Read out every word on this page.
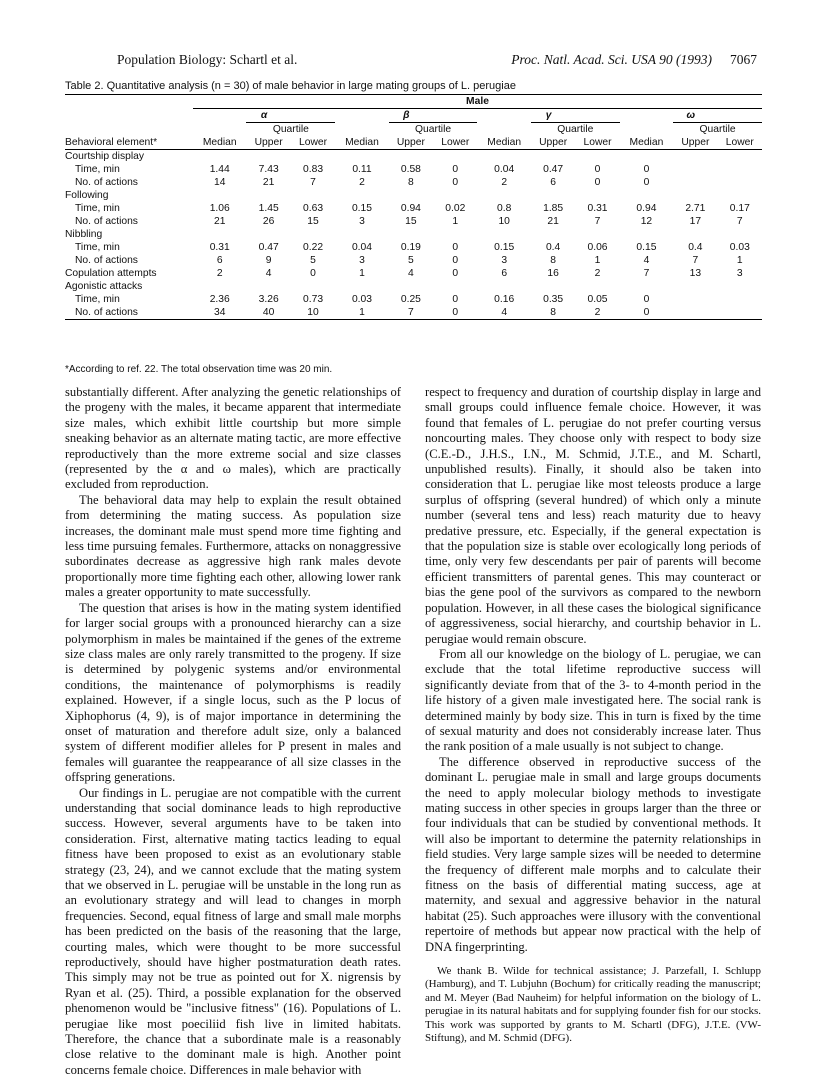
Population Biology: Schartl et al.	Proc. Natl. Acad. Sci. USA 90 (1993) 7067
Table 2. Quantitative analysis (n = 30) of male behavior in large mating groups of L. perugiae
	Male											
	α			β			γ			ω		
		Quartile			Quartile			Quartile			Quartile	
Behavioral element*	Median	Upper	Lower	Median	Upper	Lower	Median	Upper	Lower	Median	Upper	Lower
Courtship display												
Time, min	1.44	7.43	0.83	0.11	0.58	0	0.04	0.47	0	0		
No. of actions	14	21	7	2	8	0	2	6	0	0		
Following												
Time, min	1.06	1.45	0.63	0.15	0.94	0.02	0.8	1.85	0.31	0.94	2.71	0.17
No. of actions	21	26	15	3	15	1	10	21	7	12	17	7
Nibbling												
Time, min	0.31	0.47	0.22	0.04	0.19	0	0.15	0.4	0.06	0.15	0.4	0.03
No. of actions	6	9	5	3	5	0	3	8	1	4	7	1
Copulation attempts	2	4	0	1	4	0	6	16	2	7	13	3
Agonistic attacks												
Time, min	2.36	3.26	0.73	0.03	0.25	0	0.16	0.35	0.05	0		
No. of actions	34	40	10	1	7	0	4	8	2	0		
*According to ref. 22. The total observation time was 20 min.

substantially different. After analyzing the genetic relationships of the progeny with the males, it became apparent that intermediate size males, which exhibit little courtship but more simple sneaking behavior as an alternate mating tactic, are more effective reproductively than the more extreme social and size classes (represented by the α and ω males), which are practically excluded from reproduction.

The behavioral data may help to explain the result obtained from determining the mating success. As population size increases, the dominant male must spend more time fighting and less time pursuing females. Furthermore, attacks on nonaggressive subordinates decrease as aggressive high rank males devote proportionally more time fighting each other, allowing lower rank males a greater opportunity to mate successfully.

The question that arises is how in the mating system identified for larger social groups with a pronounced hierarchy can a size polymorphism in males be maintained if the genes of the extreme size class males are only rarely transmitted to the progeny. If size is determined by polygenic systems and/or environmental conditions, the maintenance of polymorphisms is readily explained. However, if a single locus, such as the P locus of Xiphophorus (4, 9), is of major importance in determining the onset of maturation and therefore adult size, only a balanced system of different modifier alleles for P present in males and females will guarantee the reappearance of all size classes in the offspring generations.

Our findings in L. perugiae are not compatible with the current understanding that social dominance leads to high reproductive success. However, several arguments have to be taken into consideration. First, alternative mating tactics leading to equal fitness have been proposed to exist as an evolutionary stable strategy (23, 24), and we cannot exclude that the mating system that we observed in L. perugiae will be unstable in the long run as an evolutionary strategy and will lead to changes in morph frequencies. Second, equal fitness of large and small male morphs has been predicted on the basis of the reasoning that the large, courting males, which were thought to be more successful reproductively, should have higher postmaturation death rates. This simply may not be true as pointed out for X. nigrensis by Ryan et al. (25). Third, a possible explanation for the observed phenomenon would be "inclusive fitness" (16). Populations of L. perugiae like most poeciliid fish live in limited habitats. Therefore, the chance that a subordinate male is a reasonably close relative to the dominant male is high. Another point concerns female choice. Differences in male behavior with

respect to frequency and duration of courtship display in large and small groups could influence female choice. However, it was found that females of L. perugiae do not prefer courting versus noncourting males. They choose only with respect to body size (C.E.-D., J.H.S., I.N., M. Schmid, J.T.E., and M. Schartl, unpublished results). Finally, it should also be taken into consideration that L. perugiae like most teleosts produce a large surplus of offspring (several hundred) of which only a minute number (several tens and less) reach maturity due to heavy predative pressure, etc. Especially, if the general expectation is that the population size is stable over ecologically long periods of time, only very few descendants per pair of parents will become efficient transmitters of parental genes. This may counteract or bias the gene pool of the survivors as compared to the newborn population. However, in all these cases the biological significance of aggressiveness, social hierarchy, and courtship behavior in L. perugiae would remain obscure.

From all our knowledge on the biology of L. perugiae, we can exclude that the total lifetime reproductive success will significantly deviate from that of the 3- to 4-month period in the life history of a given male investigated here. The social rank is determined mainly by body size. This in turn is fixed by the time of sexual maturity and does not considerably increase later. Thus the rank position of a male usually is not subject to change.

The difference observed in reproductive success of the dominant L. perugiae male in small and large groups documents the need to apply molecular biology methods to investigate mating success in other species in groups larger than the three or four individuals that can be studied by conventional methods. It will also be important to determine the paternity relationships in field studies. Very large sample sizes will be needed to determine the frequency of different male morphs and to calculate their fitness on the basis of differential mating success, age at maternity, and sexual and aggressive behavior in the natural habitat (25). Such approaches were illusory with the conventional repertoire of methods but appear now practical with the help of DNA fingerprinting.

We thank B. Wilde for technical assistance; J. Parzefall, I. Schlupp (Hamburg), and T. Lubjuhn (Bochum) for critically reading the manuscript; and M. Meyer (Bad Nauheim) for helpful information on the biology of L. perugiae in its natural habitats and for supplying founder fish for our stocks. This work was supported by grants to M. Schartl (DFG), J.T.E. (VW-Stiftung), and M. Schmid (DFG).
